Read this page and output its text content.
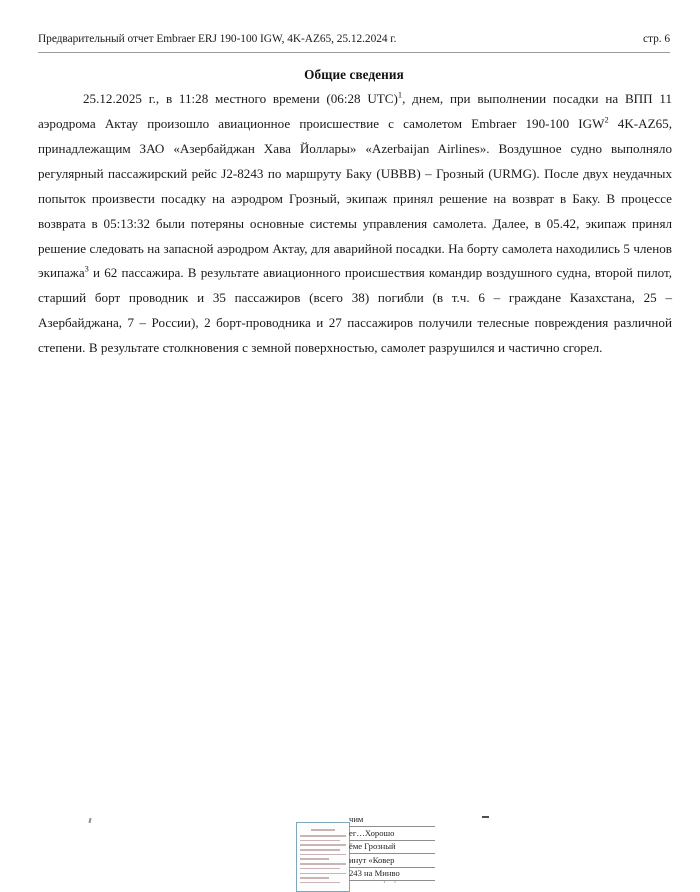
Предварительный отчет Embraer ERJ 190-100 IGW, 4K-AZ65, 25.12.2024 г.	стр. 6
Общие сведения

25.12.2025 г., в 11:28 местного времени (06:28 UTC)$^1$, днем, при выполнении посадки на ВПП 11 аэродрома Актау произошло авиационное происшествие с самолетом Embraer 190-100 IGW$^2$ 4K-AZ65, принадлежащим ЗАО «Азербайджан Хава Йоллары» «Azerbaijan Airlines». Воздушное судно выполняло регулярный пассажирский рейс J2-8243 по маршруту Баку (UBBB) – Грозный (URMG). После двух неудачных попыток произвести посадку на аэродром Грозный, экипаж принял решение на возврат в Баку. В процессе возврата в 05:13:32 были потеряны основные системы управления самолета. Далее, в 05.42, экипаж принял решение следовать на запасной аэродром Актау, для аварийной посадки. На борту самолета находились 5 членов экипажа$^3$ и 62 пассажира. В результате авиационного происшествия командир воздушного судна, второй пилот, старший борт проводник и 35 пассажиров (всего 38) погибли (в т.ч. 6 – граждане Казахстана, 25 – Азербайджана, 7 – России), 2 борт-проводника и 27 пассажиров получили телесные повреждения различной степени. В результате столкновения с земной поверхностью, самолет разрушился и частично сгорел.

чим
ег…Хорошо
ёме Грозный
инут «Ковер
243 на Минво
· ·
